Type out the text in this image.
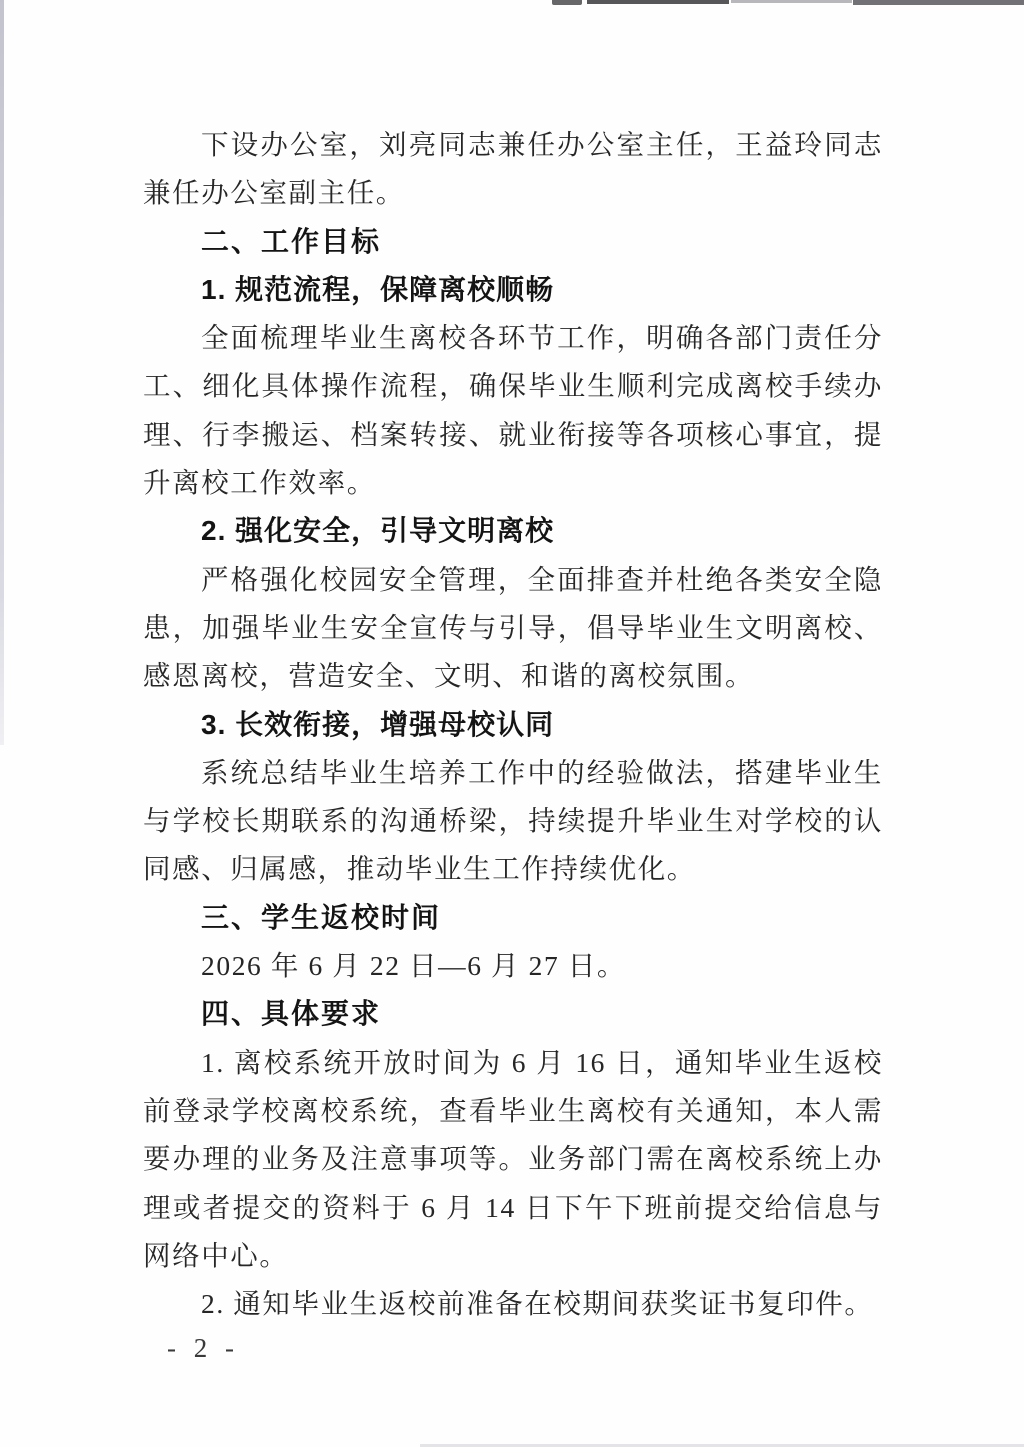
下设办公室，刘亮同志兼任办公室主任，王益玲同志兼任办公室副主任。

二、工作目标

1. 规范流程，保障离校顺畅

全面梳理毕业生离校各环节工作，明确各部门责任分工、细化具体操作流程，确保毕业生顺利完成离校手续办理、行李搬运、档案转接、就业衔接等各项核心事宜，提升离校工作效率。

2. 强化安全，引导文明离校

严格强化校园安全管理，全面排查并杜绝各类安全隐患，加强毕业生安全宣传与引导，倡导毕业生文明离校、感恩离校，营造安全、文明、和谐的离校氛围。

3. 长效衔接，增强母校认同

系统总结毕业生培养工作中的经验做法，搭建毕业生与学校长期联系的沟通桥梁，持续提升毕业生对学校的认同感、归属感，推动毕业生工作持续优化。

三、学生返校时间

2026 年 6 月 22 日—6 月 27 日。

四、具体要求

1. 离校系统开放时间为 6 月 16 日，通知毕业生返校前登录学校离校系统，查看毕业生离校有关通知，本人需要办理的业务及注意事项等。业务部门需在离校系统上办理或者提交的资料于 6 月 14 日下午下班前提交给信息与网络中心。

2. 通知毕业生返校前准备在校期间获奖证书复印件。

- 2 -
